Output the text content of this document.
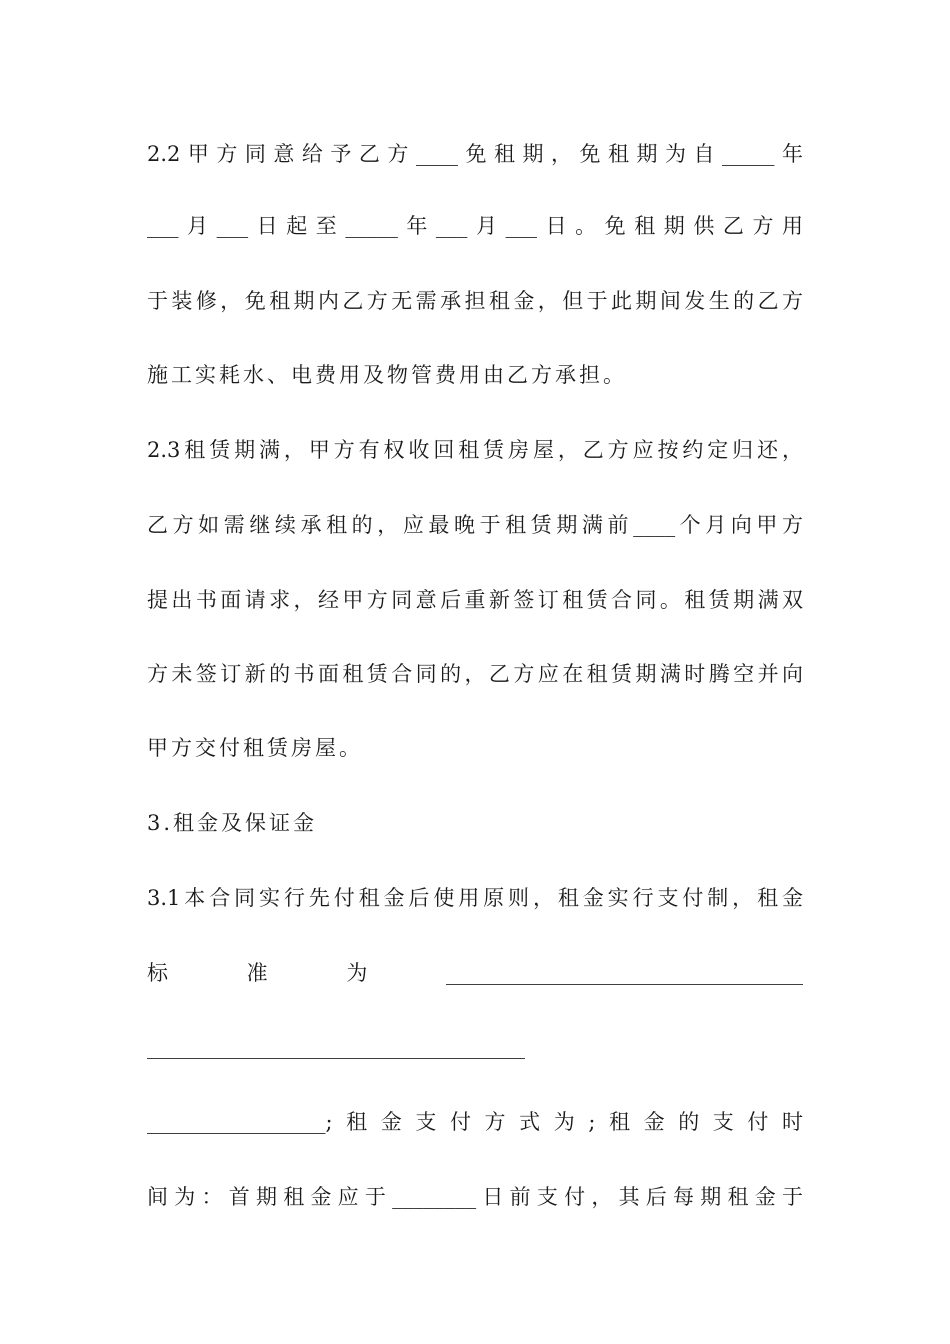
2.2甲方同意给予乙方____免租期，免租期为自_____年
___月___日起至_____年___月___日。免租期供乙方用
于装修，免租期内乙方无需承担租金，但于此期间发生的乙方
施工实耗水、电费用及物管费用由乙方承担。
2.3租赁期满，甲方有权收回租赁房屋，乙方应按约定归还，
乙方如需继续承租的，应最晚于租赁期满前____个月向甲方
提出书面请求，经甲方同意后重新签订租赁合同。租赁期满双
方未签订新的书面租赁合同的，乙方应在租赁期满时腾空并向
甲方交付租赁房屋。
3.租金及保证金
3.1本合同实行先付租金后使用原则，租金实行支付制，租金
标准为__________________________________
____________________________________
_________________;租金支付方式为;租金的支付时
间为：首期租金应于________日前支付，其后每期租金于
